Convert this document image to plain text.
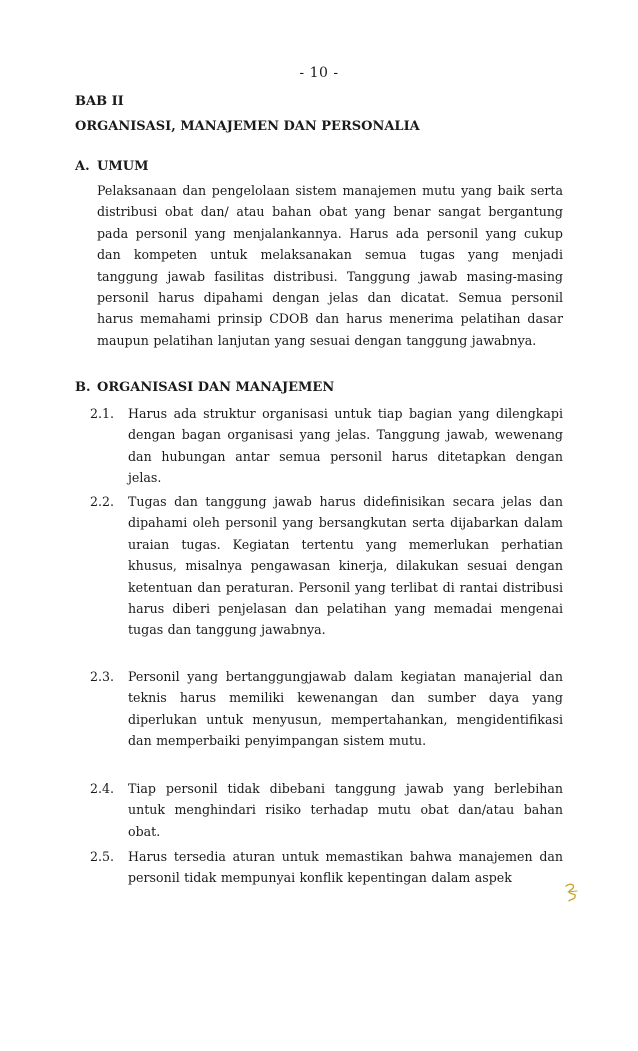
- 10 -
BAB II
ORGANISASI, MANAJEMEN DAN PERSONALIA
A. UMUM
Pelaksanaan dan pengelolaan sistem manajemen mutu yang baik serta distribusi obat dan/ atau bahan obat yang benar sangat bergantung pada personil yang menjalankannya. Harus ada personil yang cukup dan kompeten untuk melaksanakan semua tugas yang menjadi tanggung jawab fasilitas distribusi. Tanggung jawab masing-masing personil harus dipahami dengan jelas dan dicatat. Semua personil harus memahami prinsip CDOB dan harus menerima pelatihan dasar maupun pelatihan lanjutan yang sesuai dengan tanggung jawabnya.
B. ORGANISASI DAN MANAJEMEN
2.1.	Harus ada struktur organisasi untuk tiap bagian yang dilengkapi dengan bagan organisasi yang jelas. Tanggung jawab, wewenang dan hubungan antar semua personil harus ditetapkan dengan jelas.
2.2.	Tugas dan tanggung jawab harus didefinisikan secara jelas dan dipahami oleh personil yang bersangkutan serta dijabarkan dalam uraian tugas. Kegiatan tertentu yang memerlukan perhatian khusus, misalnya pengawasan kinerja, dilakukan sesuai dengan ketentuan dan peraturan. Personil yang terlibat di rantai distribusi harus diberi penjelasan dan pelatihan yang memadai mengenai tugas dan tanggung jawabnya.
2.3.	Personil yang bertanggungjawab dalam kegiatan manajerial dan teknis harus memiliki kewenangan dan sumber daya yang diperlukan untuk menyusun, mempertahankan, mengidentifikasi dan memperbaiki penyimpangan sistem mutu.
2.4.	Tiap personil tidak dibebani tanggung jawab yang berlebihan untuk menghindari risiko terhadap mutu obat dan/atau bahan obat.
2.5.	Harus tersedia aturan untuk memastikan bahwa manajemen dan personil tidak mempunyai konflik kepentingan dalam aspek
